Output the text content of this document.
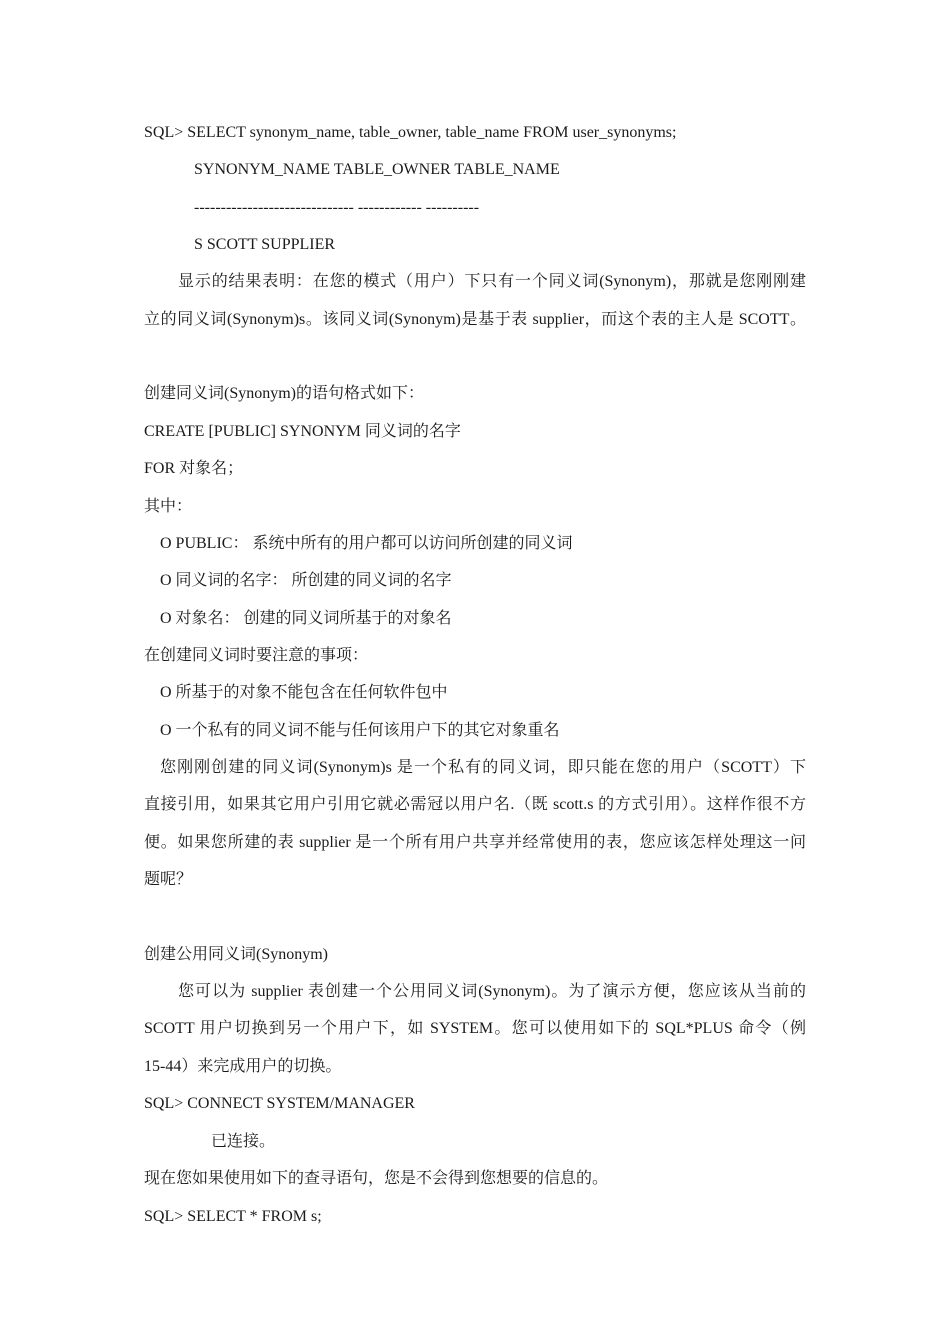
SQL> SELECT synonym_name, table_owner, table_name FROM user_synonyms;
SYNONYM_NAME TABLE_OWNER TABLE_NAME
------------------------------ ------------ ----------
S SCOTT SUPPLIER
显示的结果表明：在您的模式（用户）下只有一个同义词(Synonym)，那就是您刚刚建
立的同义词(Synonym)s。该同义词(Synonym)是基于表 supplier，而这个表的主人是 SCOTT。
创建同义词(Synonym)的语句格式如下：
CREATE [PUBLIC] SYNONYM 同义词的名字
FOR 对象名；
其中：
O PUBLIC： 系统中所有的用户都可以访问所创建的同义词
O 同义词的名字： 所创建的同义词的名字
O 对象名： 创建的同义词所基于的对象名
在创建同义词时要注意的事项：
O 所基于的对象不能包含在任何软件包中
O 一个私有的同义词不能与任何该用户下的其它对象重名
您刚刚创建的同义词(Synonym)s 是一个私有的同义词，即只能在您的用户（SCOTT）下
直接引用，如果其它用户引用它就必需冠以用户名.（既 scott.s 的方式引用）。这样作很不方
便。如果您所建的表 supplier 是一个所有用户共享并经常使用的表，您应该怎样处理这一问
题呢？
创建公用同义词(Synonym)
您可以为 supplier 表创建一个公用同义词(Synonym)。为了演示方便，您应该从当前的
SCOTT 用户切换到另一个用户下，如 SYSTEM。您可以使用如下的 SQL*PLUS 命令（例
15-44）来完成用户的切换。
SQL> CONNECT SYSTEM/MANAGER
已连接。
现在您如果使用如下的查寻语句，您是不会得到您想要的信息的。
SQL> SELECT * FROM s;
